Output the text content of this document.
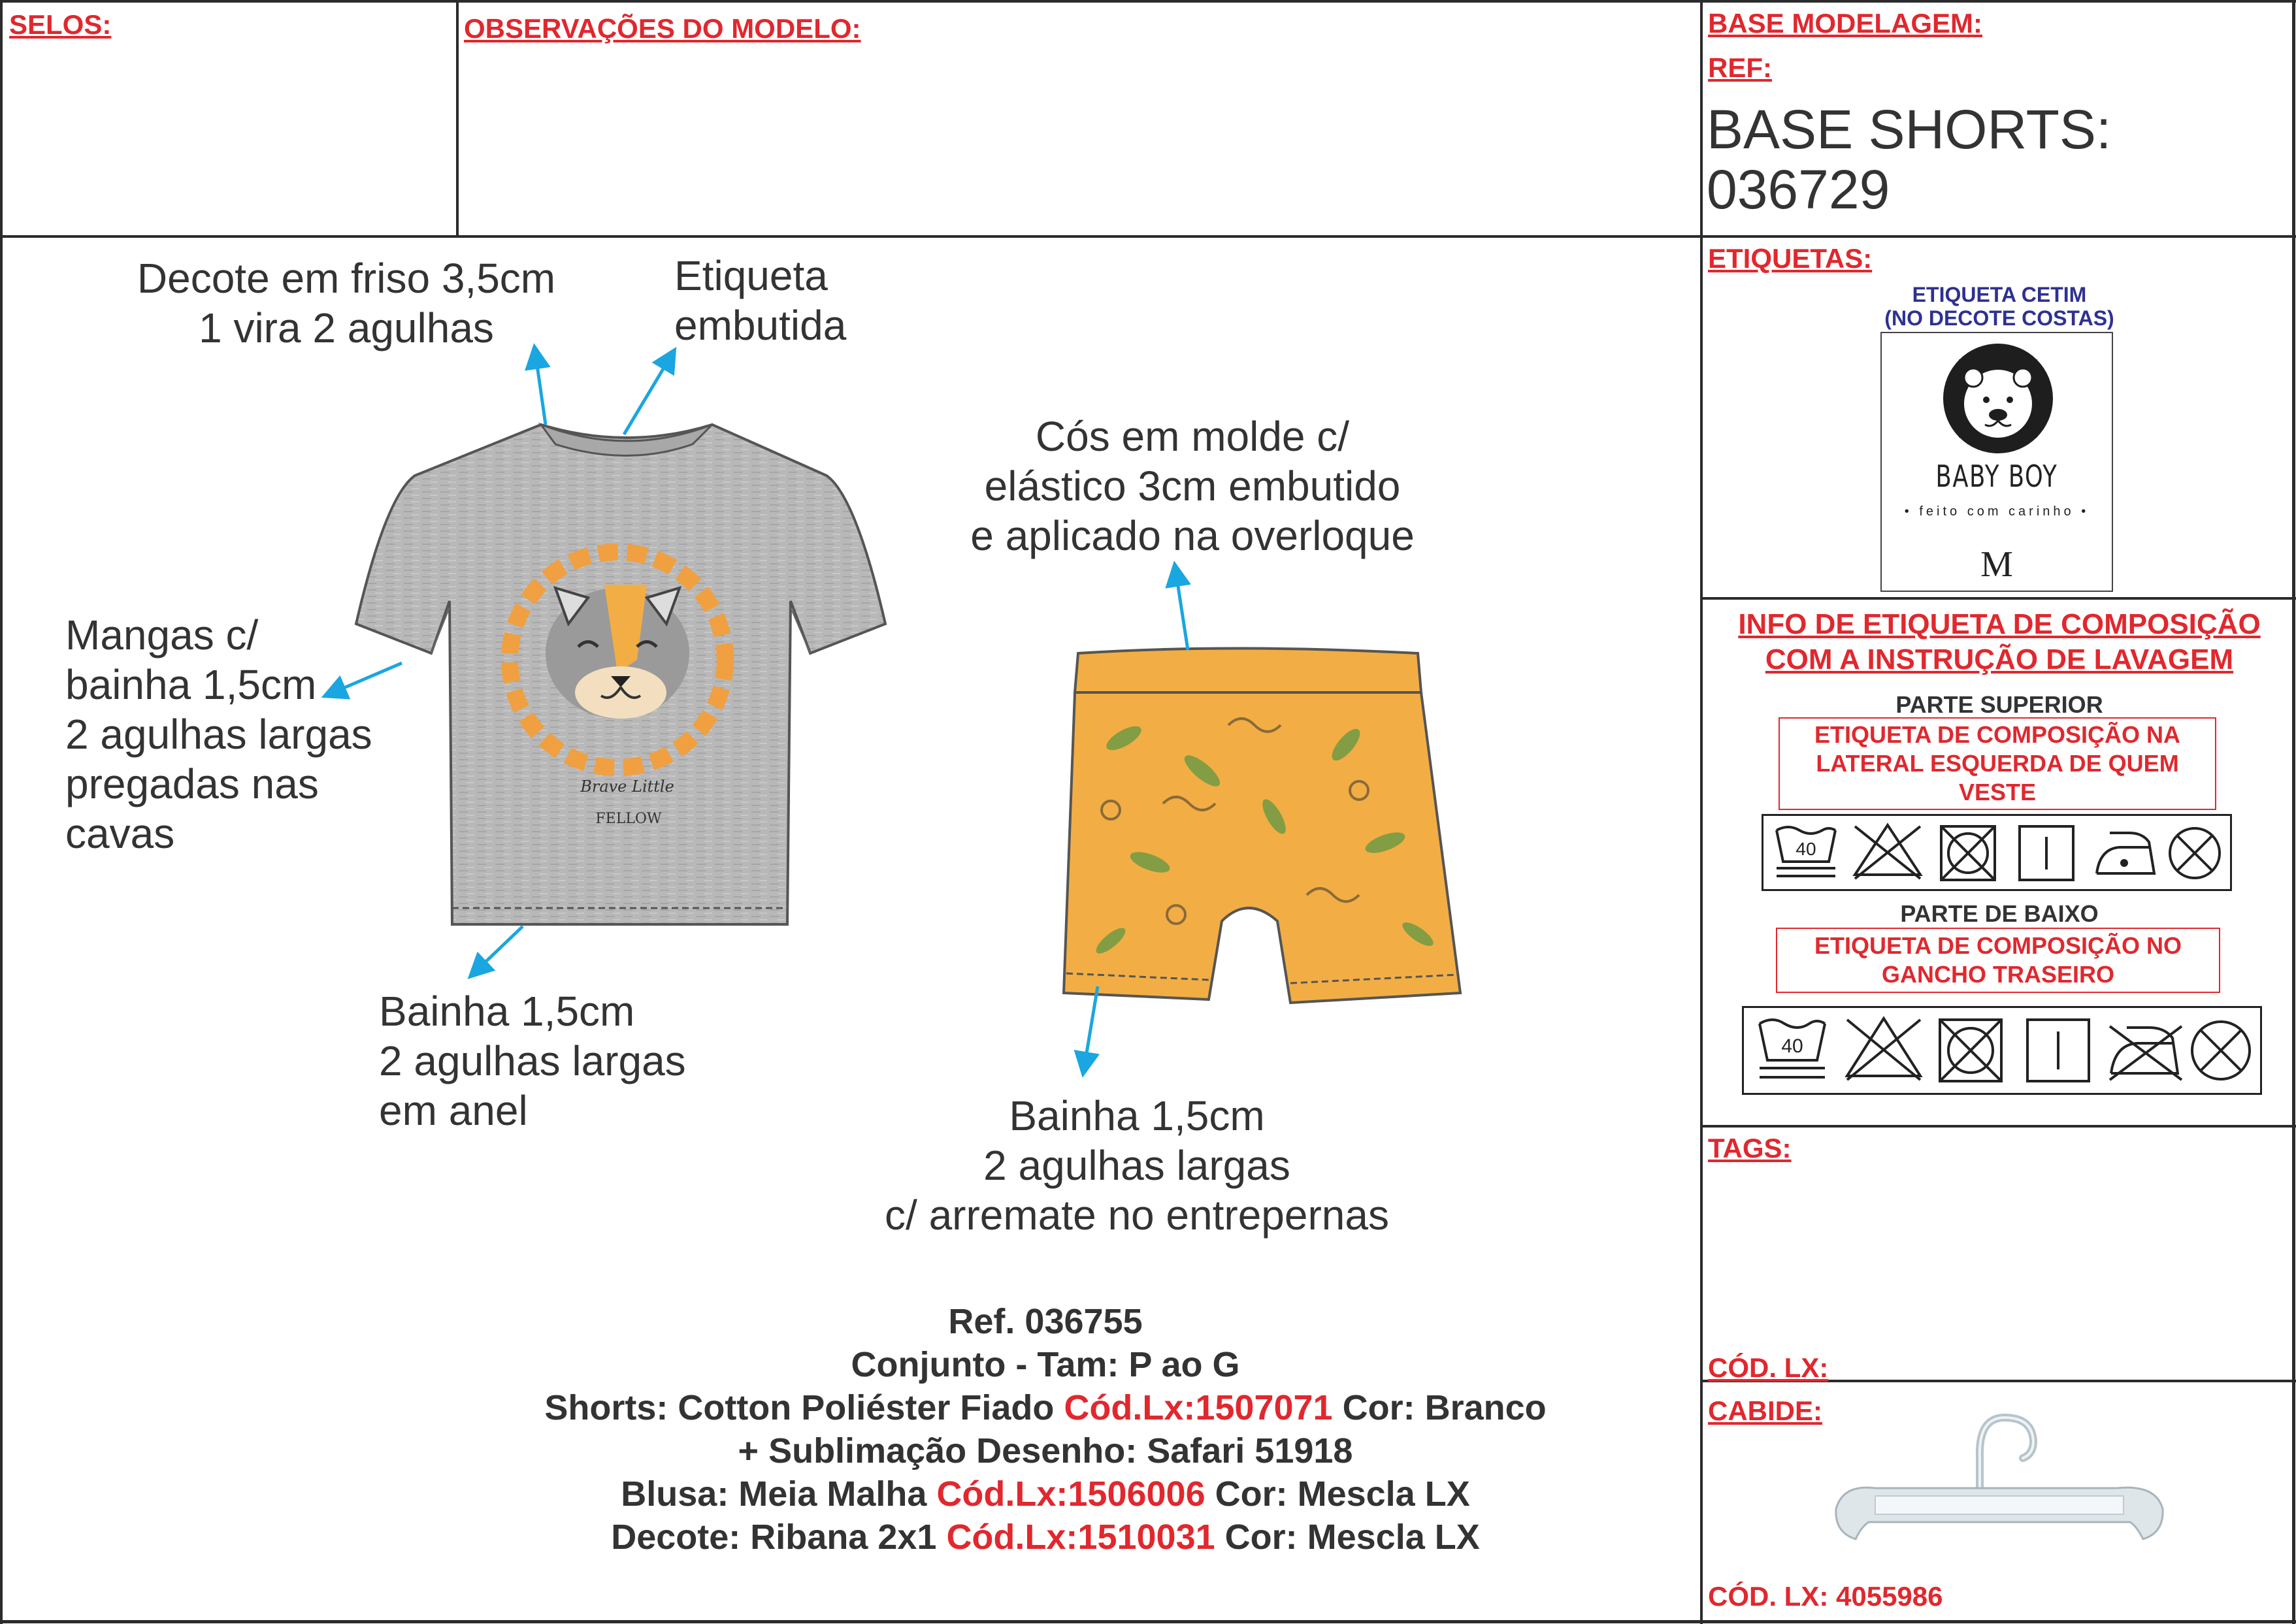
SELOS:	OBSERVAÇÕES DO MODELO:	BASE MODELAGEM:
REF:
BASE SHORTS:
036729
Decote em friso 3,5cm
1 vira 2 agulhas
Etiqueta
embutida
Mangas c/
bainha 1,5cm
2 agulhas largas
pregadas nas
cavas
Bainha 1,5cm
2 agulhas largas
em anel
Cós em molde c/
elástico 3cm embutido
e aplicado na overloque
Bainha 1,5cm
2 agulhas largas
c/ arremate no entrepernas
Brave Little
FELLOW
Ref. 036755
Conjunto - Tam: P ao G
Shorts: Cotton Poliéster Fiado Cód.Lx:1507071 Cor: Branco
+ Sublimação Desenho: Safari 51918
Blusa: Meia Malha Cód.Lx:1506006 Cor: Mescla LX
Decote: Ribana 2x1 Cód.Lx:1510031 Cor: Mescla LX
ETIQUETAS:
ETIQUETA CETIM
(NO DECOTE COSTAS)
BABY BOY
• feito com carinho •
M
INFO DE ETIQUETA DE COMPOSIÇÃO
COM A INSTRUÇÃO DE LAVAGEM
PARTE SUPERIOR
ETIQUETA DE COMPOSIÇÃO NA LATERAL ESQUERDA DE QUEM VESTE
40
PARTE DE BAIXO
ETIQUETA DE COMPOSIÇÃO NO GANCHO TRASEIRO
40
TAGS:
CÓD. LX:
CABIDE:
CÓD. LX: 4055986
